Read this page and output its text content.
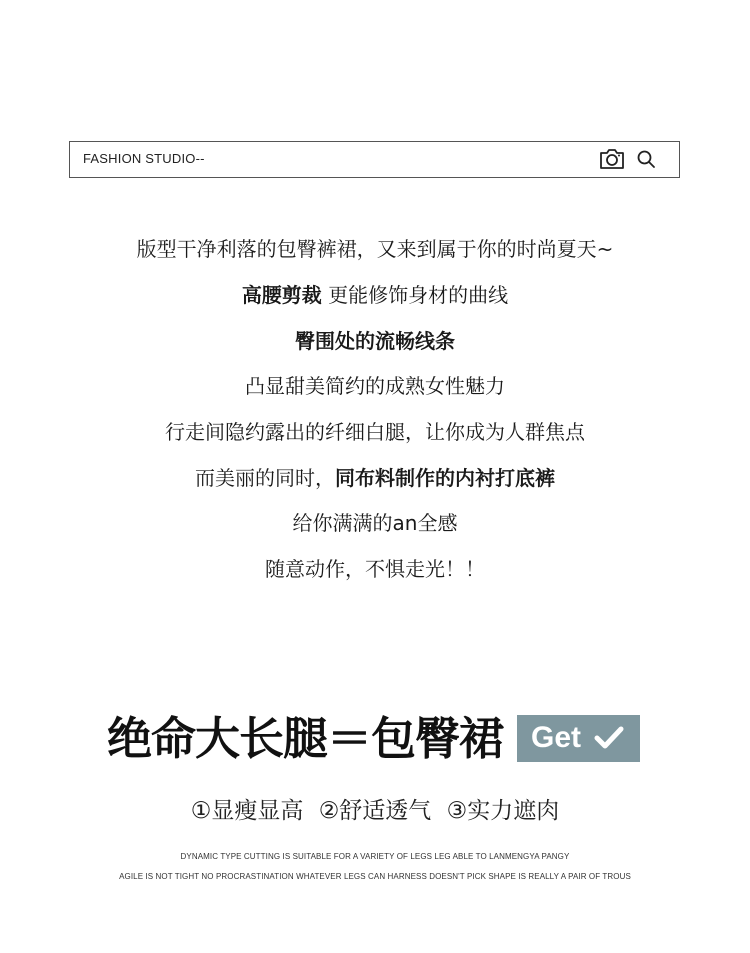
FASHION STUDIO--
版型干净利落的包臀裤裙，又来到属于你的时尚夏天~
高腰剪裁 更能修饰身材的曲线
臀围处的流畅线条
凸显甜美简约的成熟女性魅力
行走间隐约露出的纤细白腿，让你成为人群焦点
而美丽的同时，同布料制作的内衬打底裤
给你满满的an全感
随意动作，不惧走光！！
绝命大长腿＝包臀裙 Get
①显瘦显高 ②舒适透气 ③实力遮肉
DYNAMIC TYPE CUTTING IS SUITABLE FOR A VARIETY OF LEGS LEG ABLE TO LANMENGYA PANGY
AGILE IS NOT TIGHT NO PROCRASTINATION WHATEVER LEGS CAN HARNESS DOESN'T PICK SHAPE IS REALLY A PAIR OF TROUS
